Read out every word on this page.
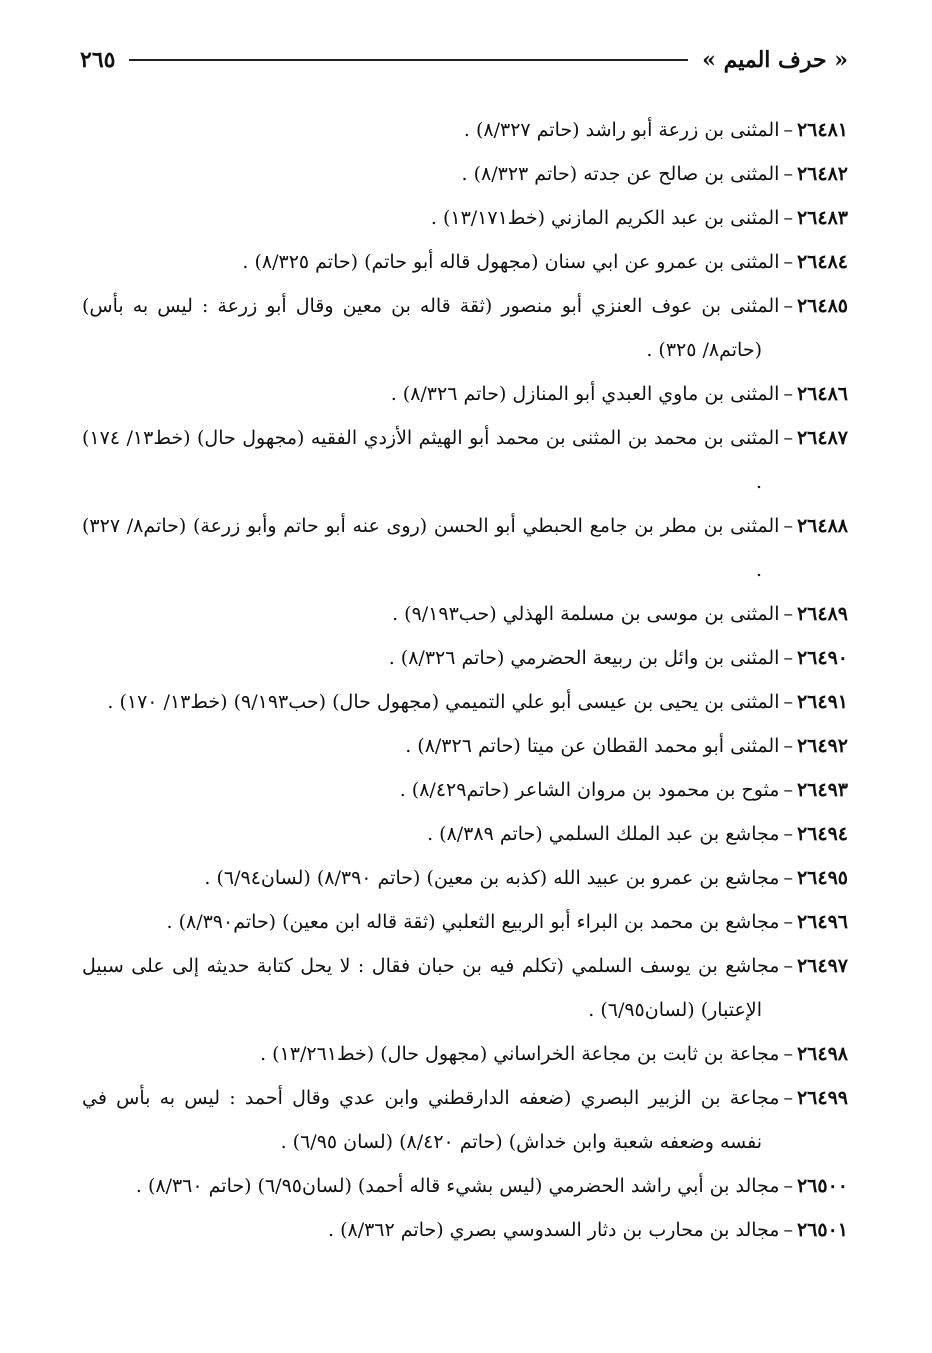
« حرف الميم »
٢٦٥
٢٦٤٨١–المثنى بن زرعة أبو راشد (حاتم ٨/٣٢٧) .
٢٦٤٨٢–المثنى بن صالح عن جدته (حاتم ٨/٣٢٣) .
٢٦٤٨٣–المثنى بن عبد الكريم المازني (خط١٣/١٧١) .
٢٦٤٨٤–المثنى بن عمرو عن ابي سنان (مجهول قاله أبو حاتم) (حاتم ٨/٣٢٥) .
٢٦٤٨٥–المثنى بن عوف العنزي أبو منصور (ثقة قاله بن معين وقال أبو زرعة : ليس به بأس) (حاتم٨/ ٣٢٥) .
٢٦٤٨٦–المثنى بن ماوي العبدي أبو المنازل (حاتم ٨/٣٢٦) .
٢٦٤٨٧–المثنى بن محمد بن المثنى بن محمد أبو الهيثم الأزدي الفقيه (مجهول حال) (خط١٣/ ١٧٤) .
٢٦٤٨٨–المثنى بن مطر بن جامع الحبطي أبو الحسن (روى عنه أبو حاتم وأبو زرعة) (حاتم٨/ ٣٢٧) .
٢٦٤٨٩–المثنى بن موسى بن مسلمة الهذلي (حب٩/١٩٣) .
٢٦٤٩٠–المثنى بن وائل بن ربيعة الحضرمي (حاتم ٨/٣٢٦) .
٢٦٤٩١–المثنى بن يحيى بن عيسى أبو علي التميمي (مجهول حال) (حب٩/١٩٣) (خط١٣/ ١٧٠) .
٢٦٤٩٢–المثنى أبو محمد القطان عن ميتا (حاتم ٨/٣٢٦) .
٢٦٤٩٣–مثوح بن محمود بن مروان الشاعر (حاتم٨/٤٢٩) .
٢٦٤٩٤–مجاشع بن عبد الملك السلمي (حاتم ٨/٣٨٩) .
٢٦٤٩٥–مجاشع بن عمرو بن عبيد الله (كذبه بن معين) (حاتم ٨/٣٩٠) (لسان٦/٩٤) .
٢٦٤٩٦–مجاشع بن محمد بن البراء أبو الربيع الثعلبي (ثقة قاله ابن معين) (حاتم٨/٣٩٠) .
٢٦٤٩٧–مجاشع بن يوسف السلمي (تكلم فيه بن حبان فقال : لا يحل كتابة حديثه إلى على سبيل الإعتبار) (لسان٦/٩٥) .
٢٦٤٩٨–مجاعة بن ثابت بن مجاعة الخراساني (مجهول حال) (خط١٣/٢٦١) .
٢٦٤٩٩–مجاعة بن الزبير البصري (ضعفه الدارقطني وابن عدي وقال أحمد : ليس به بأس في نفسه وضعفه شعبة وابن خداش) (حاتم ٨/٤٢٠) (لسان ٦/٩٥) .
٢٦٥٠٠–مجالد بن أبي راشد الحضرمي (ليس بشيء قاله أحمد) (لسان٦/٩٥) (حاتم ٨/٣٦٠) .
٢٦٥٠١–مجالد بن محارب بن دثار السدوسي بصري (حاتم ٨/٣٦٢) .
